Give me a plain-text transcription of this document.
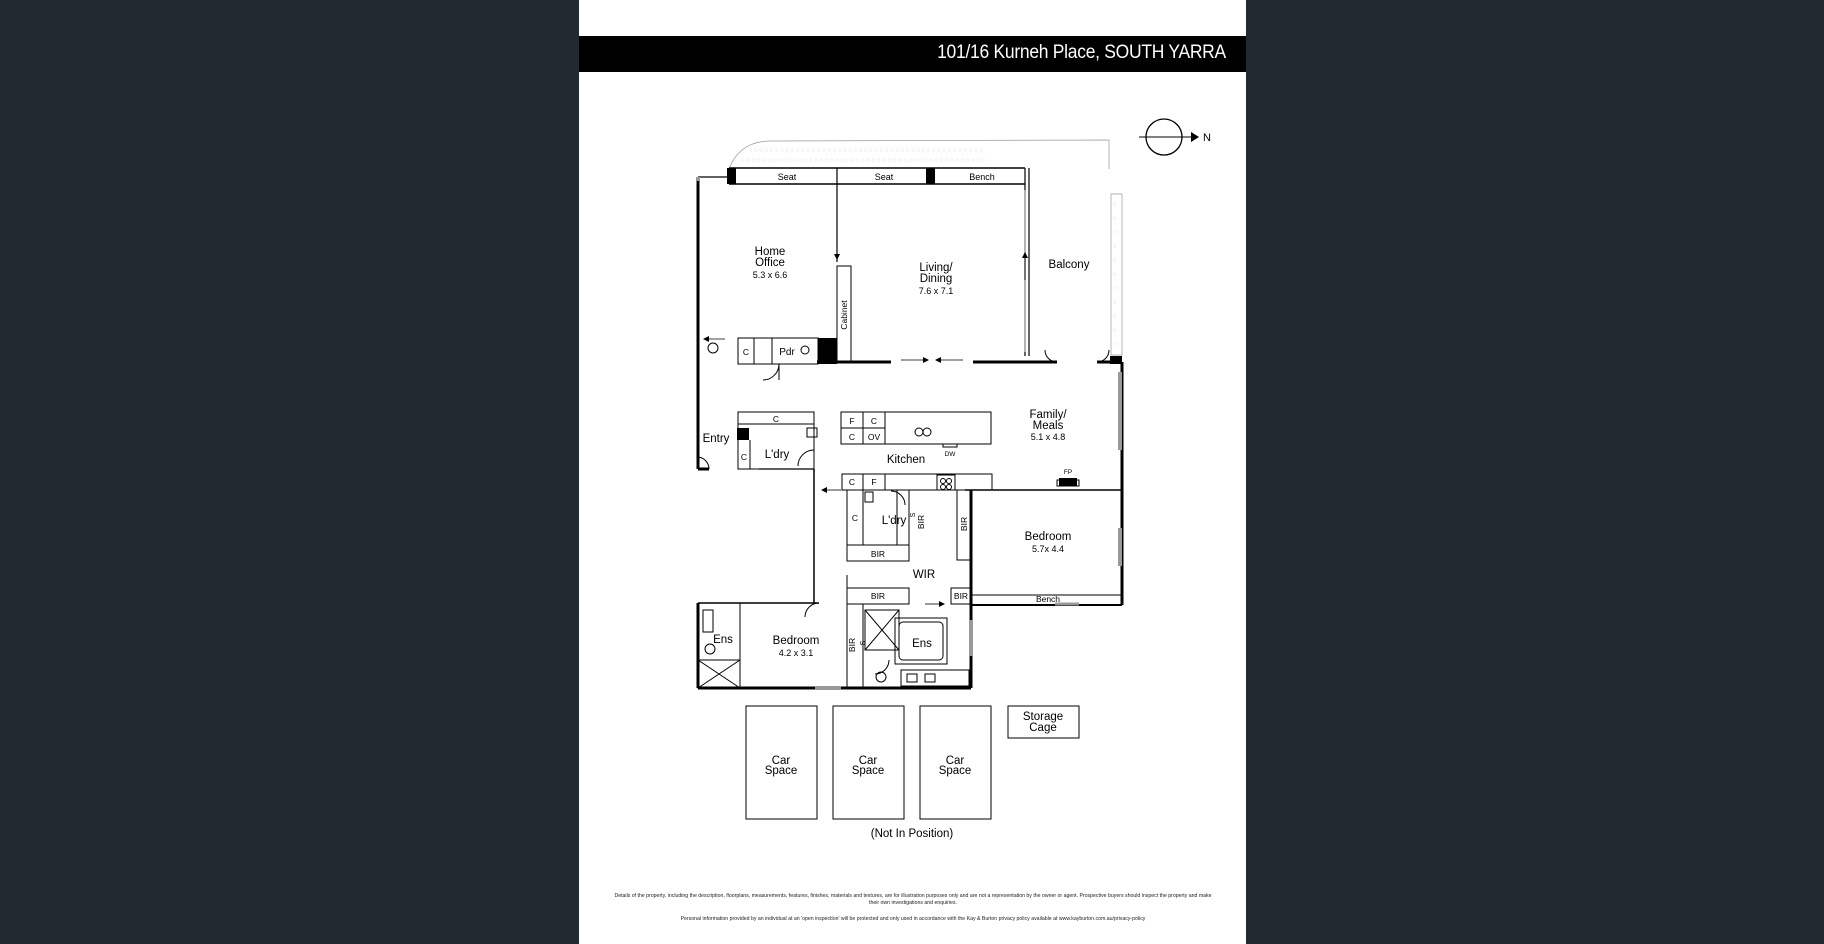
101/16 Kurneh Place, SOUTH YARRA
N
◌ ◌ ◌ ◌ ◌ ◌ ◌ ◌ ◌ ◌ ◌ ◌ ◌ ◌ ◌ ◌ ◌ ◌ ◌ ◌ ◌ ◌ ◌ ◌ ◌ ◌ ◌ ◌ ◌ ◌ ◌ ◌ ◌ ◌ ◌ ◌ ◌ ◌ ◌ ◌ ◌ ◌ ◌ ◌ ◌
◌ ◌ ◌ ◌ ◌ ◌ ◌ ◌ ◌ ◌ ◌ ◌ ◌ ◌ ◌ ◌ ◌ ◌ ◌ ◌ ◌ ◌ ◌ ◌ ◌ ◌ ◌ ◌ ◌ ◌ ◌ ◌ ◌ ◌ ◌ ◌ ◌ ◌ ◌ ◌ ◌ ◌ ◌ ◌ ◌ ◌ ◌
◌
◌
◌
◌
◌
◌
◌
◌
◌
◌
◌
Seat	Seat	Bench
Bench
Home
Office
5.3 x 6.6
Living/
Dining
7.6 x 7.1
Balcony
Family/
Meals
5.1 x 4.8
Kitchen
Entry
L'dry
L'dry
Pdr
WIR
Bedroom
5.7x 4.4
Bedroom
4.2 x 3.1
Ens	Ens
C
C
C
F C
C OV
C F
C
DW
FP
BIR
BIR	BIR
Cabinet
BIR	BIR
BIR
S
S
Car
Space
Car
Space
Car
Space
(Not In Position)
Storage
Cage
Details of the property, including the description, floorplans, measurements, features, finishes, materials and textures, are for illustration purposes only and are not a representation by the owner or agent. Prospective buyers should inspect the property and make their own investigations and enquiries.
Personal information provided by an individual at an 'open inspection' will be protected and only used in accordance with the Kay & Burton privacy policy available at www.kayburton.com.au/privacy-policy
